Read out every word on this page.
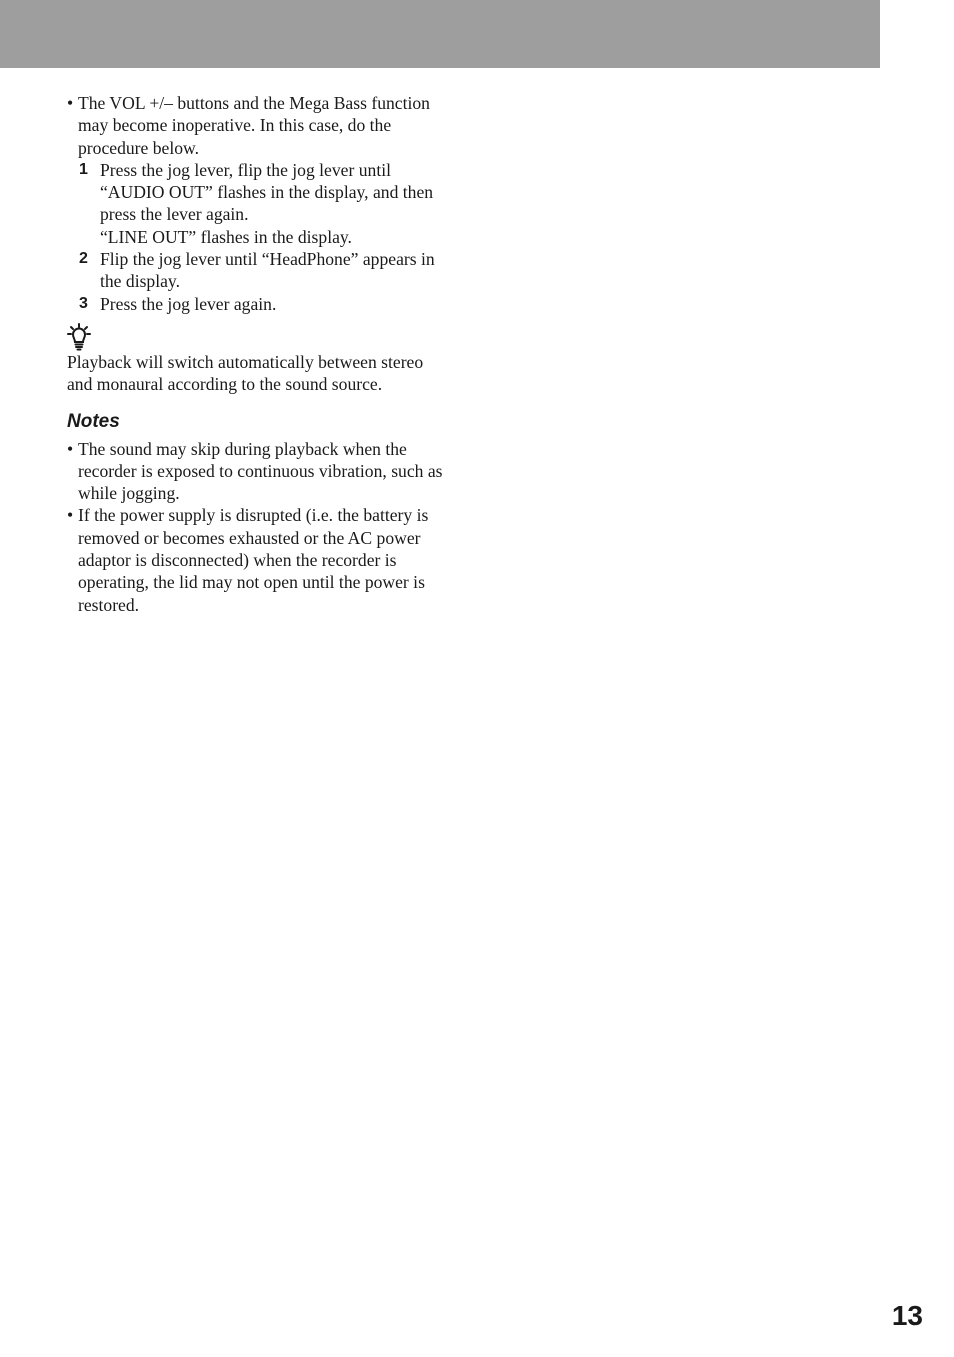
• The VOL +/– buttons and the Mega Bass function may become inoperative. In this case, do the procedure below.
1 Press the jog lever, flip the jog lever until “AUDIO OUT” flashes in the display, and then press the lever again.
“LINE OUT” flashes in the display.
2 Flip the jog lever until “HeadPhone” appears in the display.
3 Press the jog lever again.
Playback will switch automatically between stereo and monaural according to the sound source.
Notes
• The sound may skip during playback when the recorder is exposed to continuous vibration, such as while jogging.
• If the power supply is disrupted (i.e. the battery is removed or becomes exhausted or the AC power adaptor is disconnected) when the recorder is operating, the lid may not open until the power is restored.
13
